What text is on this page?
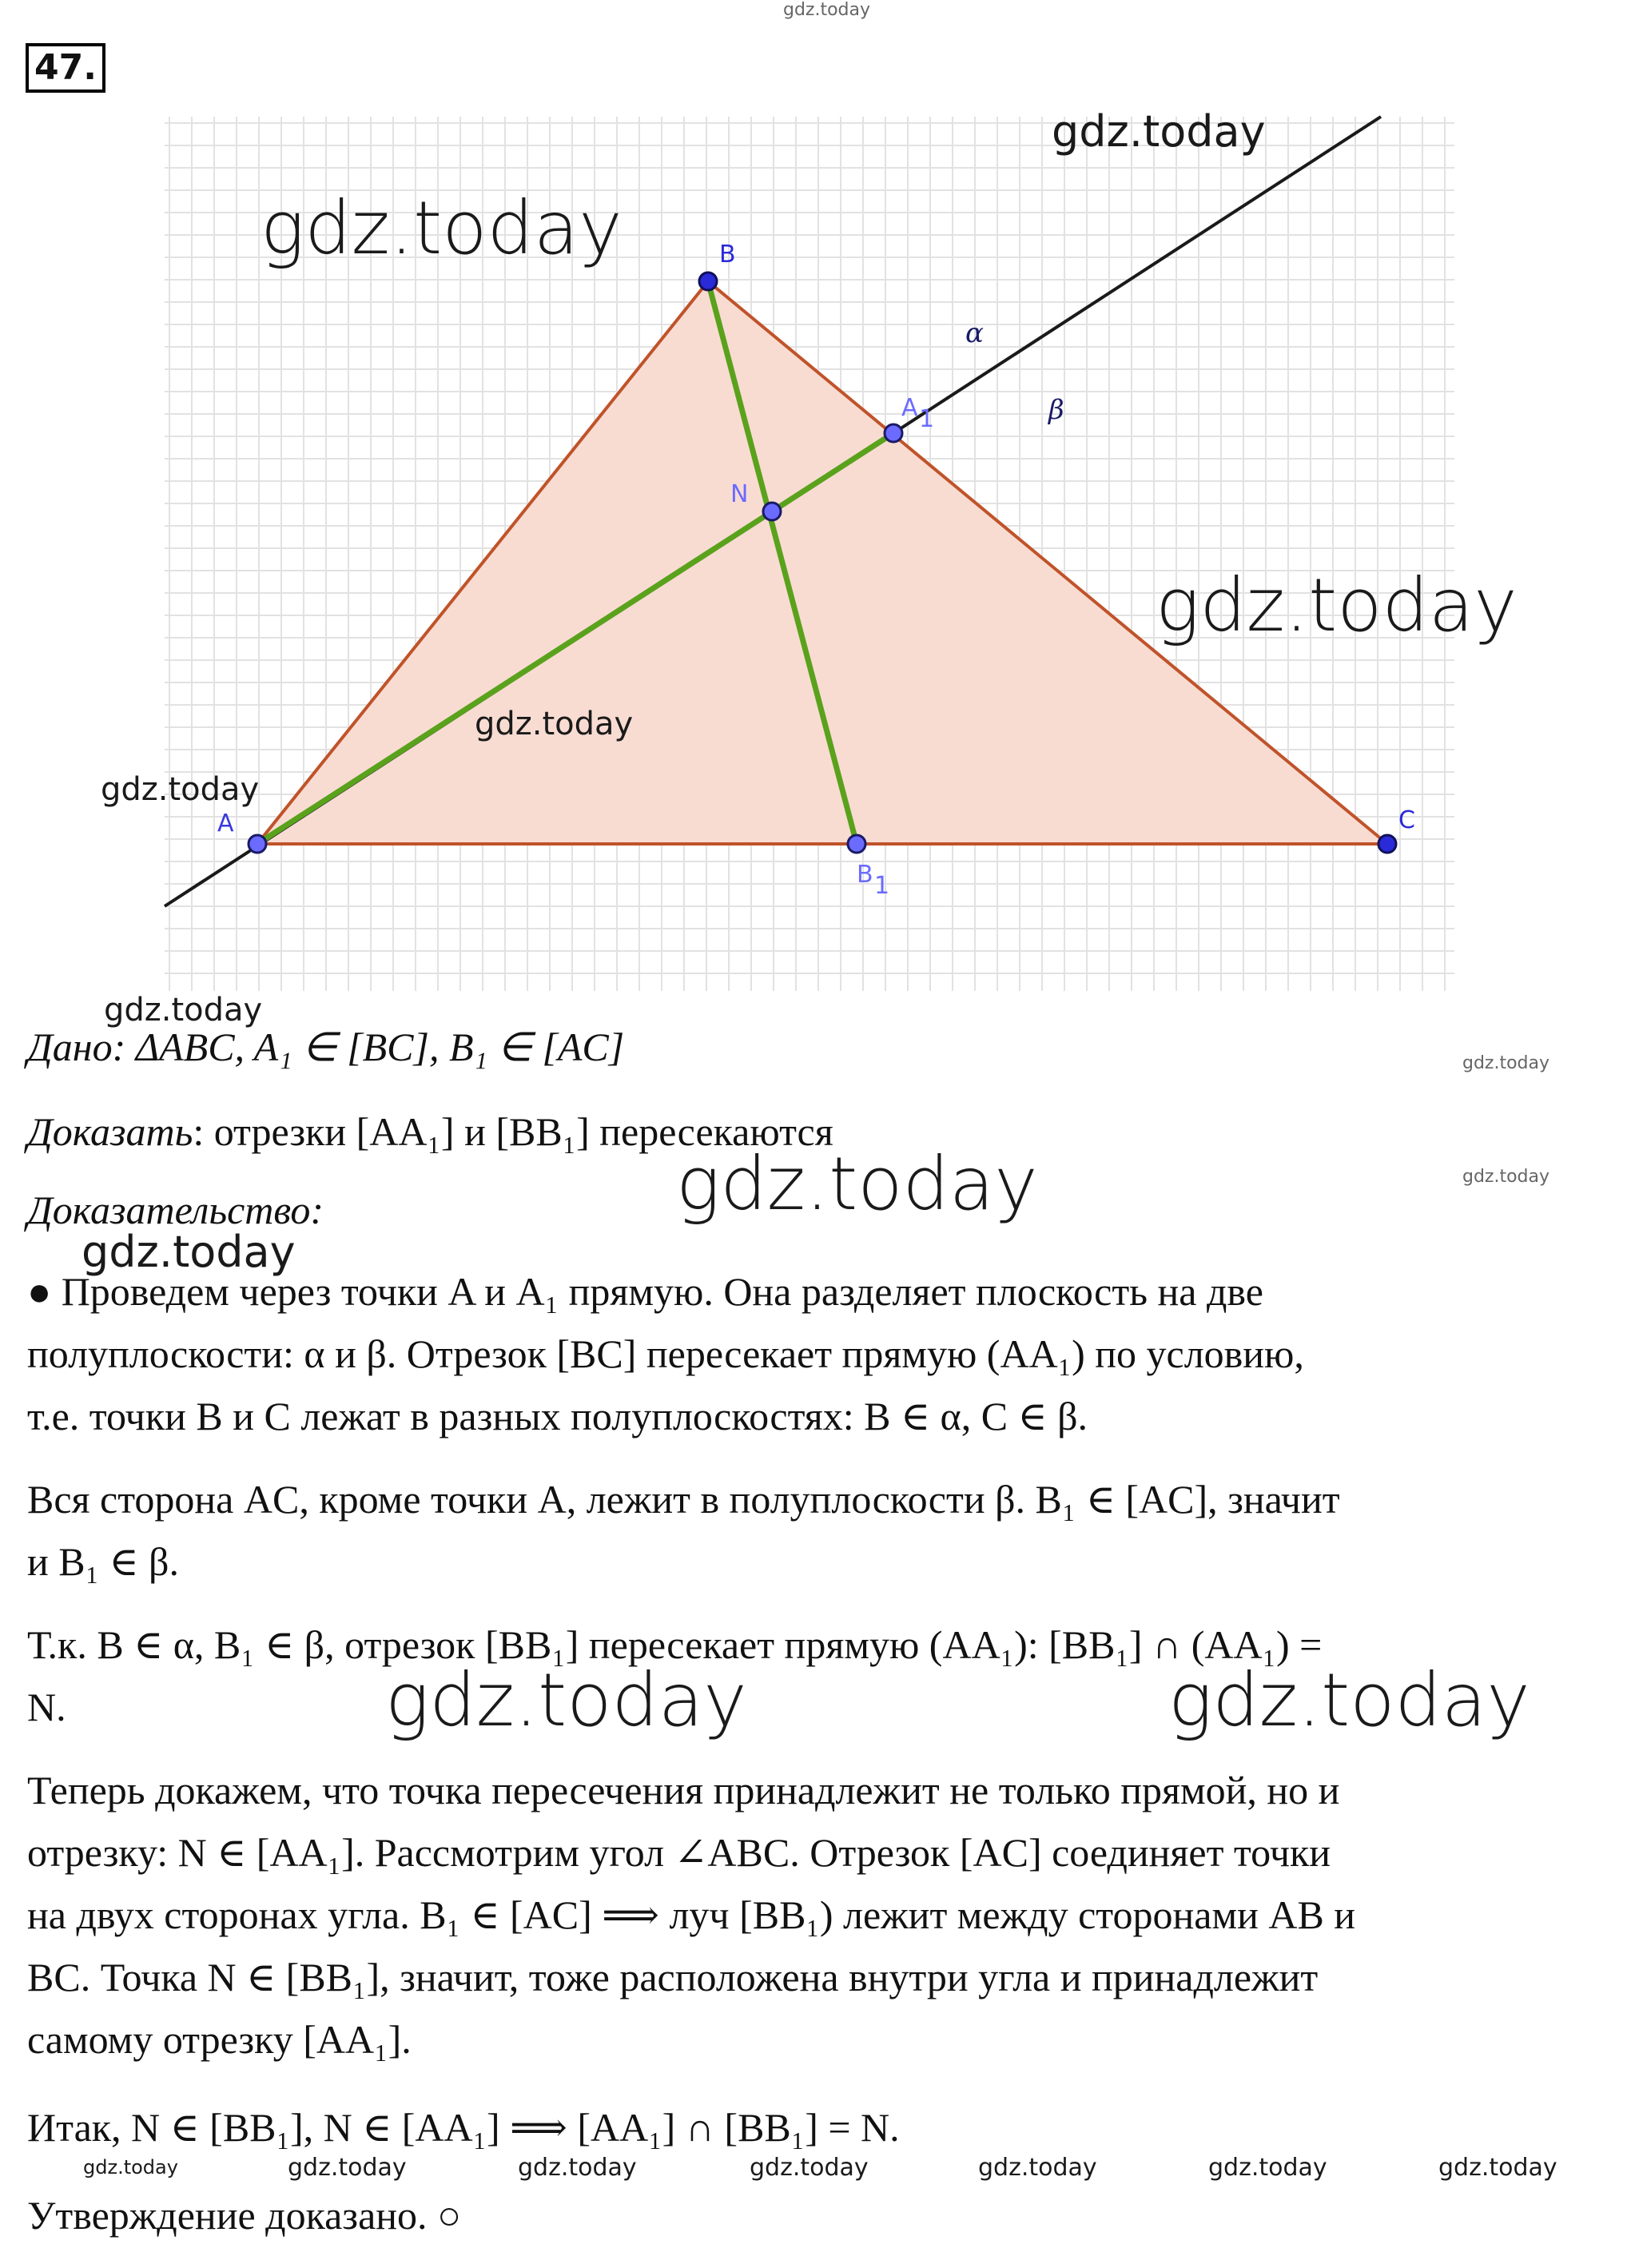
47.
A
B
C
A 1
B 1
N
α
β
gdz.today
gdz.today
gdz.today
gdz.today
gdz.today
gdz.today
gdz.today
gdz.today
gdz.today
Дано: ΔABC, A₁ ∈ [BC], B₁ ∈ [AC]
Доказать: отрезки [AA₁] и [BB₁] пересекаются
gdz.today
Доказательство:
gdz.today
● Проведем через точки A и A₁ прямую. Она разделяет плоскость на две
полуплоскости: α и β. Отрезок [BC] пересекает прямую (AA₁) по условию,
т.е. точки B и C лежат в разных полуплоскостях: B ∈ α, C ∈ β.
Вся сторона AC, кроме точки A, лежит в полуплоскости β. B₁ ∈ [AC], значит
и B₁ ∈ β.
Т.к. B ∈ α, B₁ ∈ β, отрезок [BB₁] пересекает прямую (AA₁): [BB₁] ∩ (AA₁) =
N.	gdz.today	gdz.today
Теперь докажем, что точка пересечения принадлежит не только прямой, но и
отрезку: N ∈ [AA₁]. Рассмотрим угол ∠ABC. Отрезок [AC] соединяет точки
на двух сторонах угла. B₁ ∈ [AC] ⟹ луч [BB₁) лежит между сторонами AB и
BC. Точка N ∈ [BB₁], значит, тоже расположена внутри угла и принадлежит
самому отрезку [AA₁].
Итак, N ∈ [BB₁], N ∈ [AA₁] ⟹ [AA₁] ∩ [BB₁] = N.
gdz.today	gdz.today	gdz.today	gdz.today	gdz.today	gdz.today	gdz.today
Утверждение доказано. ○
